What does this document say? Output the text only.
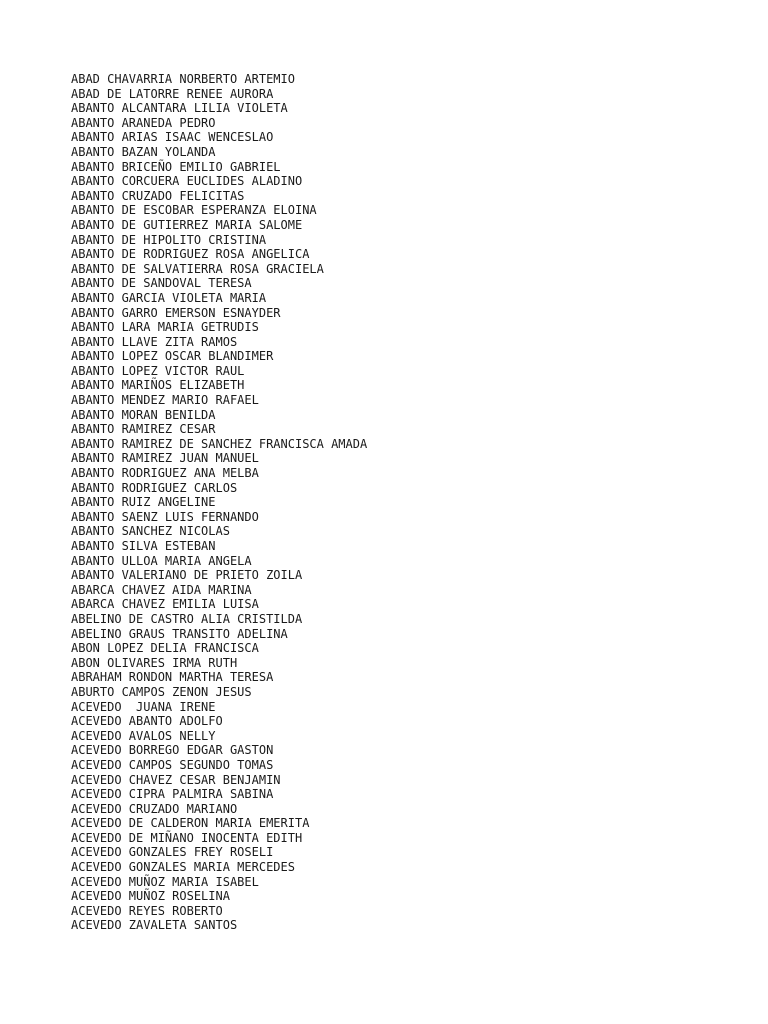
ABAD CHAVARRIA NORBERTO ARTEMIO
ABAD DE LATORRE RENEE AURORA
ABANTO ALCANTARA LILIA VIOLETA
ABANTO ARANEDA PEDRO
ABANTO ARIAS ISAAC WENCESLAO
ABANTO BAZAN YOLANDA
ABANTO BRICEÑO EMILIO GABRIEL
ABANTO CORCUERA EUCLIDES ALADINO
ABANTO CRUZADO FELICITAS
ABANTO DE ESCOBAR ESPERANZA ELOINA
ABANTO DE GUTIERREZ MARIA SALOME
ABANTO DE HIPOLITO CRISTINA
ABANTO DE RODRIGUEZ ROSA ANGELICA
ABANTO DE SALVATIERRA ROSA GRACIELA
ABANTO DE SANDOVAL TERESA
ABANTO GARCIA VIOLETA MARIA
ABANTO GARRO EMERSON ESNAYDER
ABANTO LARA MARIA GETRUDIS
ABANTO LLAVE ZITA RAMOS
ABANTO LOPEZ OSCAR BLANDIMER
ABANTO LOPEZ VICTOR RAUL
ABANTO MARIÑOS ELIZABETH
ABANTO MENDEZ MARIO RAFAEL
ABANTO MORAN BENILDA
ABANTO RAMIREZ CESAR
ABANTO RAMIREZ DE SANCHEZ FRANCISCA AMADA
ABANTO RAMIREZ JUAN MANUEL
ABANTO RODRIGUEZ ANA MELBA
ABANTO RODRIGUEZ CARLOS
ABANTO RUIZ ANGELINE
ABANTO SAENZ LUIS FERNANDO
ABANTO SANCHEZ NICOLAS
ABANTO SILVA ESTEBAN
ABANTO ULLOA MARIA ANGELA
ABANTO VALERIANO DE PRIETO ZOILA
ABARCA CHAVEZ AIDA MARINA
ABARCA CHAVEZ EMILIA LUISA
ABELINO DE CASTRO ALIA CRISTILDA
ABELINO GRAUS TRANSITO ADELINA
ABON LOPEZ DELIA FRANCISCA
ABON OLIVARES IRMA RUTH
ABRAHAM RONDON MARTHA TERESA
ABURTO CAMPOS ZENON JESUS
ACEVEDO  JUANA IRENE
ACEVEDO ABANTO ADOLFO
ACEVEDO AVALOS NELLY
ACEVEDO BORREGO EDGAR GASTON
ACEVEDO CAMPOS SEGUNDO TOMAS
ACEVEDO CHAVEZ CESAR BENJAMIN
ACEVEDO CIPRA PALMIRA SABINA
ACEVEDO CRUZADO MARIANO
ACEVEDO DE CALDERON MARIA EMERITA
ACEVEDO DE MIÑANO INOCENTA EDITH
ACEVEDO GONZALES FREY ROSELI
ACEVEDO GONZALES MARIA MERCEDES
ACEVEDO MUÑOZ MARIA ISABEL
ACEVEDO MUÑOZ ROSELINA
ACEVEDO REYES ROBERTO
ACEVEDO ZAVALETA SANTOS
